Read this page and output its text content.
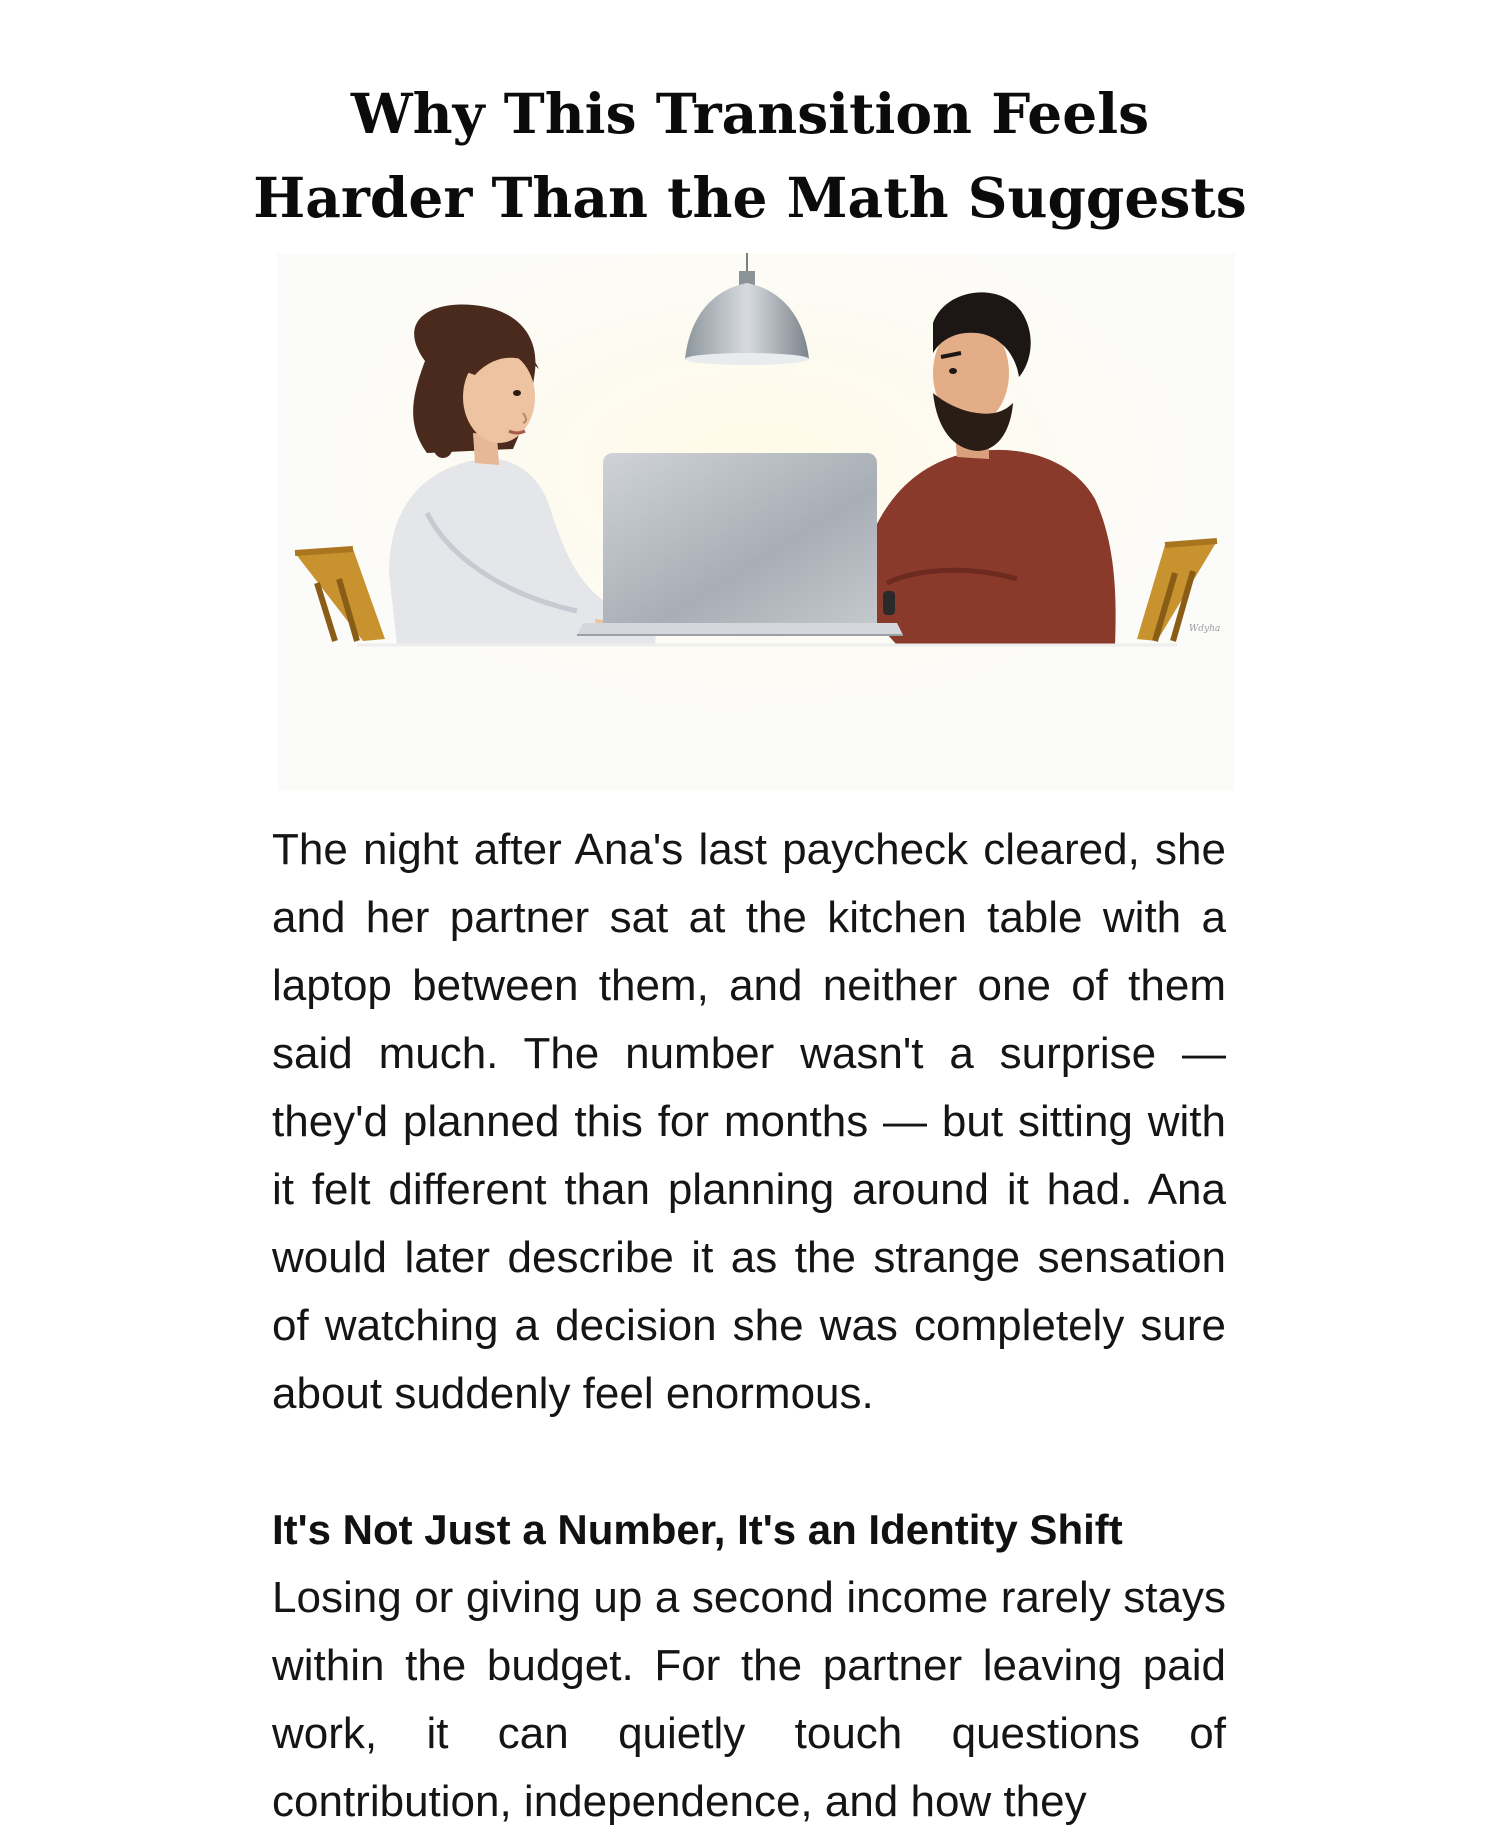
Why This Transition Feels
Harder Than the Math Suggests
Wdyha

The night after Ana's last paycheck cleared, she and her partner sat at the kitchen table with a laptop between them, and neither one of them said much. The number wasn't a surprise — they'd planned this for months — but sitting with it felt different than planning around it had. Ana would later describe it as the strange sensation of watching a decision she was completely sure about suddenly feel enormous.

It's Not Just a Number, It's an Identity Shift

Losing or giving up a second income rarely stays within the budget. For the partner leaving paid work, it can quietly touch questions of contribution, independence, and how they
